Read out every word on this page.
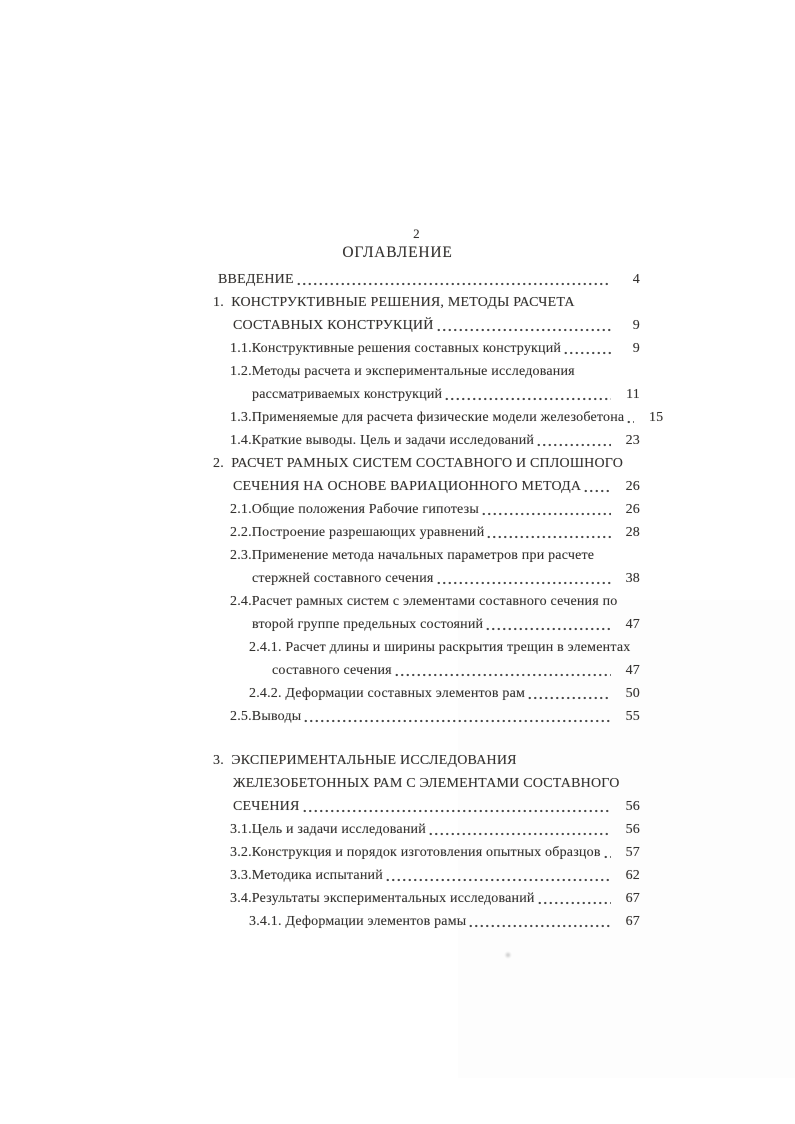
2
ОГЛАВЛЕНИЕ
ВВЕДЕНИЕ	4
1.  КОНСТРУКТИВНЫЕ РЕШЕНИЯ, МЕТОДЫ РАСЧЕТА
СОСТАВНЫХ КОНСТРУКЦИЙ	9
1.1.Конструктивные решения составных конструкций	9
1.2.Методы расчета и экспериментальные исследования
рассматриваемых конструкций	11
1.3.Применяемые для расчета физические модели железобетона	15
1.4.Краткие выводы. Цель и задачи исследований	23
2.  РАСЧЕТ РАМНЫХ СИСТЕМ СОСТАВНОГО И СПЛОШНОГО
СЕЧЕНИЯ НА ОСНОВЕ ВАРИАЦИОННОГО МЕТОДА	26
2.1.Общие положения Рабочие гипотезы	26
2.2.Построение разрешающих уравнений	28
2.3.Применение метода начальных параметров при расчете
стержней составного сечения	38
2.4.Расчет рамных систем с элементами составного сечения по
второй группе предельных состояний	47
2.4.1. Расчет длины и ширины раскрытия трещин в элементах
составного сечения	47
2.4.2. Деформации составных элементов рам	50
2.5.Выводы	55
3.  ЭКСПЕРИМЕНТАЛЬНЫЕ ИССЛЕДОВАНИЯ
ЖЕЛЕЗОБЕТОННЫХ РАМ С ЭЛЕМЕНТАМИ СОСТАВНОГО
СЕЧЕНИЯ	56
3.1.Цель и задачи исследований	56
3.2.Конструкция и порядок изготовления опытных образцов	57
3.3.Методика испытаний	62
3.4.Результаты экспериментальных исследований	67
3.4.1. Деформации элементов рамы	67
